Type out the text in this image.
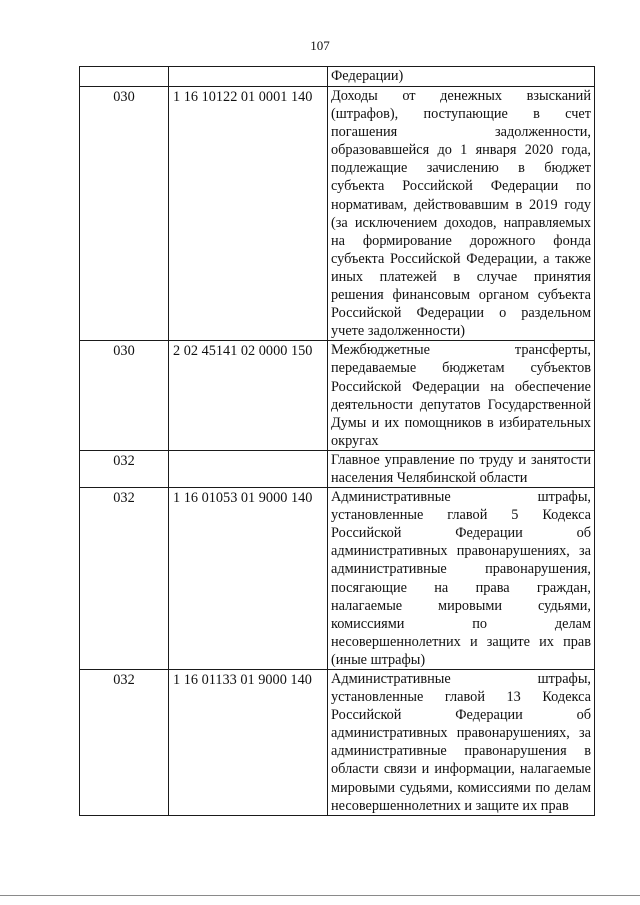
107
		Федерации)
030	1 16 10122 01 0001 140	Доходы от денежных взысканий (штрафов), поступающие в счет погашения задолженности, образовавшейся до 1 января 2020 года, подлежащие зачислению в бюджет субъекта Российской Федерации по нормативам, действовавшим в 2019 году (за исключением доходов, направляемых на формирование дорожного фонда субъекта Российской Федерации, а также иных платежей в случае принятия решения финансовым органом субъекта Российской Федерации о раздельном учете задолженности)
030	2 02 45141 02 0000 150	Межбюджетные трансферты, передаваемые бюджетам субъектов Российской Федерации на обеспечение деятельности депутатов Государственной Думы и их помощников в избирательных округах
032		Главное управление по труду и занятости населения Челябинской области
032	1 16 01053 01 9000 140	Административные штрафы, установленные главой 5 Кодекса Российской Федерации об административных правонарушениях, за административные правонарушения, посягающие на права граждан, налагаемые мировыми судьями, комиссиями по делам несовершеннолетних и защите их прав (иные штрафы)
032	1 16 01133 01 9000 140	Административные штрафы, установленные главой 13 Кодекса Российской Федерации об административных правонарушениях, за административные правонарушения в области связи и информации, налагаемые мировыми судьями, комиссиями по делам несовершеннолетних и защите их прав
